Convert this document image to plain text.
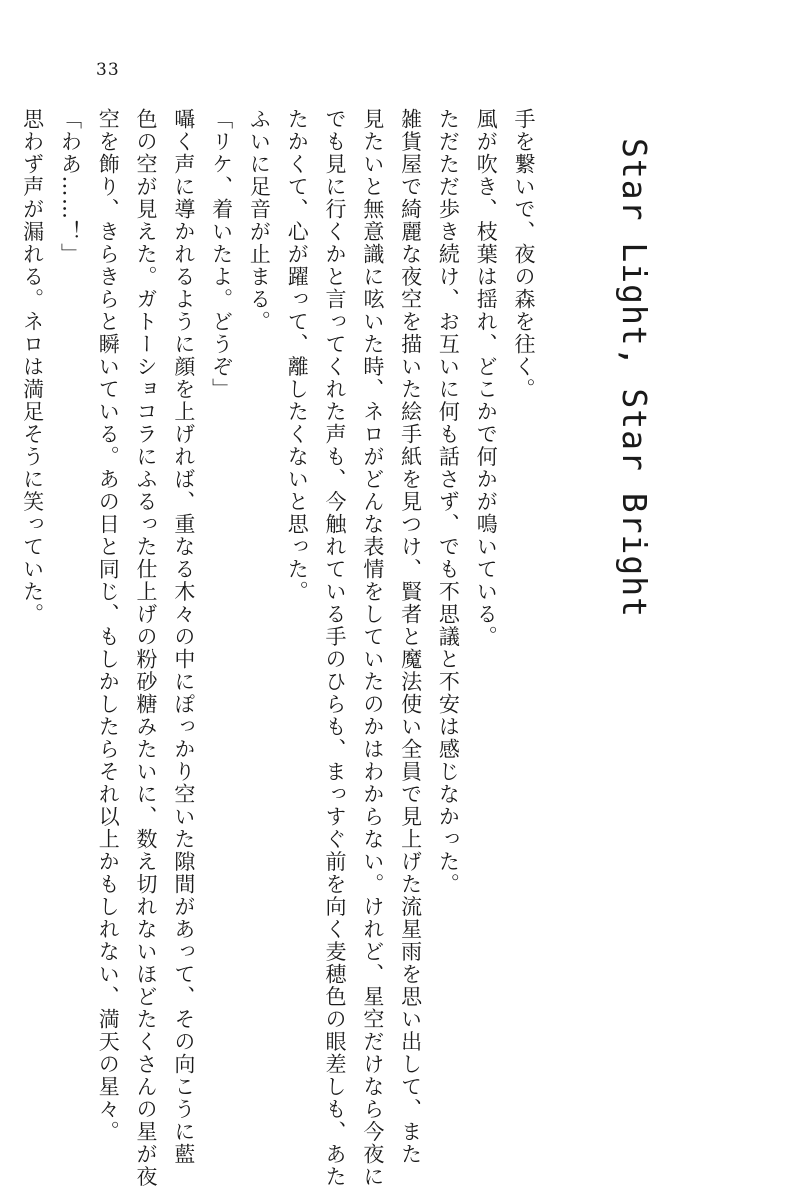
33
Star Light, Star Bright
手を繋いで、夜の森を往く。
風が吹き、枝葉は揺れ、どこかで何かが鳴いている。
ただただ歩き続け、お互いに何も話さず、でも不思議と不安は感じなかった。
雑貨屋で綺麗な夜空を描いた絵手紙を見つけ、賢者と魔法使い全員で見上げた流星雨を思い出して、また
見たいと無意識に呟いた時、ネロがどんな表情をしていたのかはわからない。けれど、星空だけなら今夜に
でも見に行くかと言ってくれた声も、今触れている手のひらも、まっすぐ前を向く麦穂色の眼差しも、あた
たかくて、心が躍って、離したくないと思った。
ふいに足音が止まる。
「リケ、着いたよ。どうぞ」
囁く声に導かれるように顔を上げれば、重なる木々の中にぽっかり空いた隙間があって、その向こうに藍
色の空が見えた。ガトーショコラにふるった仕上げの粉砂糖みたいに、数え切れないほどたくさんの星が夜
空を飾り、きらきらと瞬いている。あの日と同じ、もしかしたらそれ以上かもしれない、満天の星々。
「わあ……！」
思わず声が漏れる。ネロは満足そうに笑っていた。
